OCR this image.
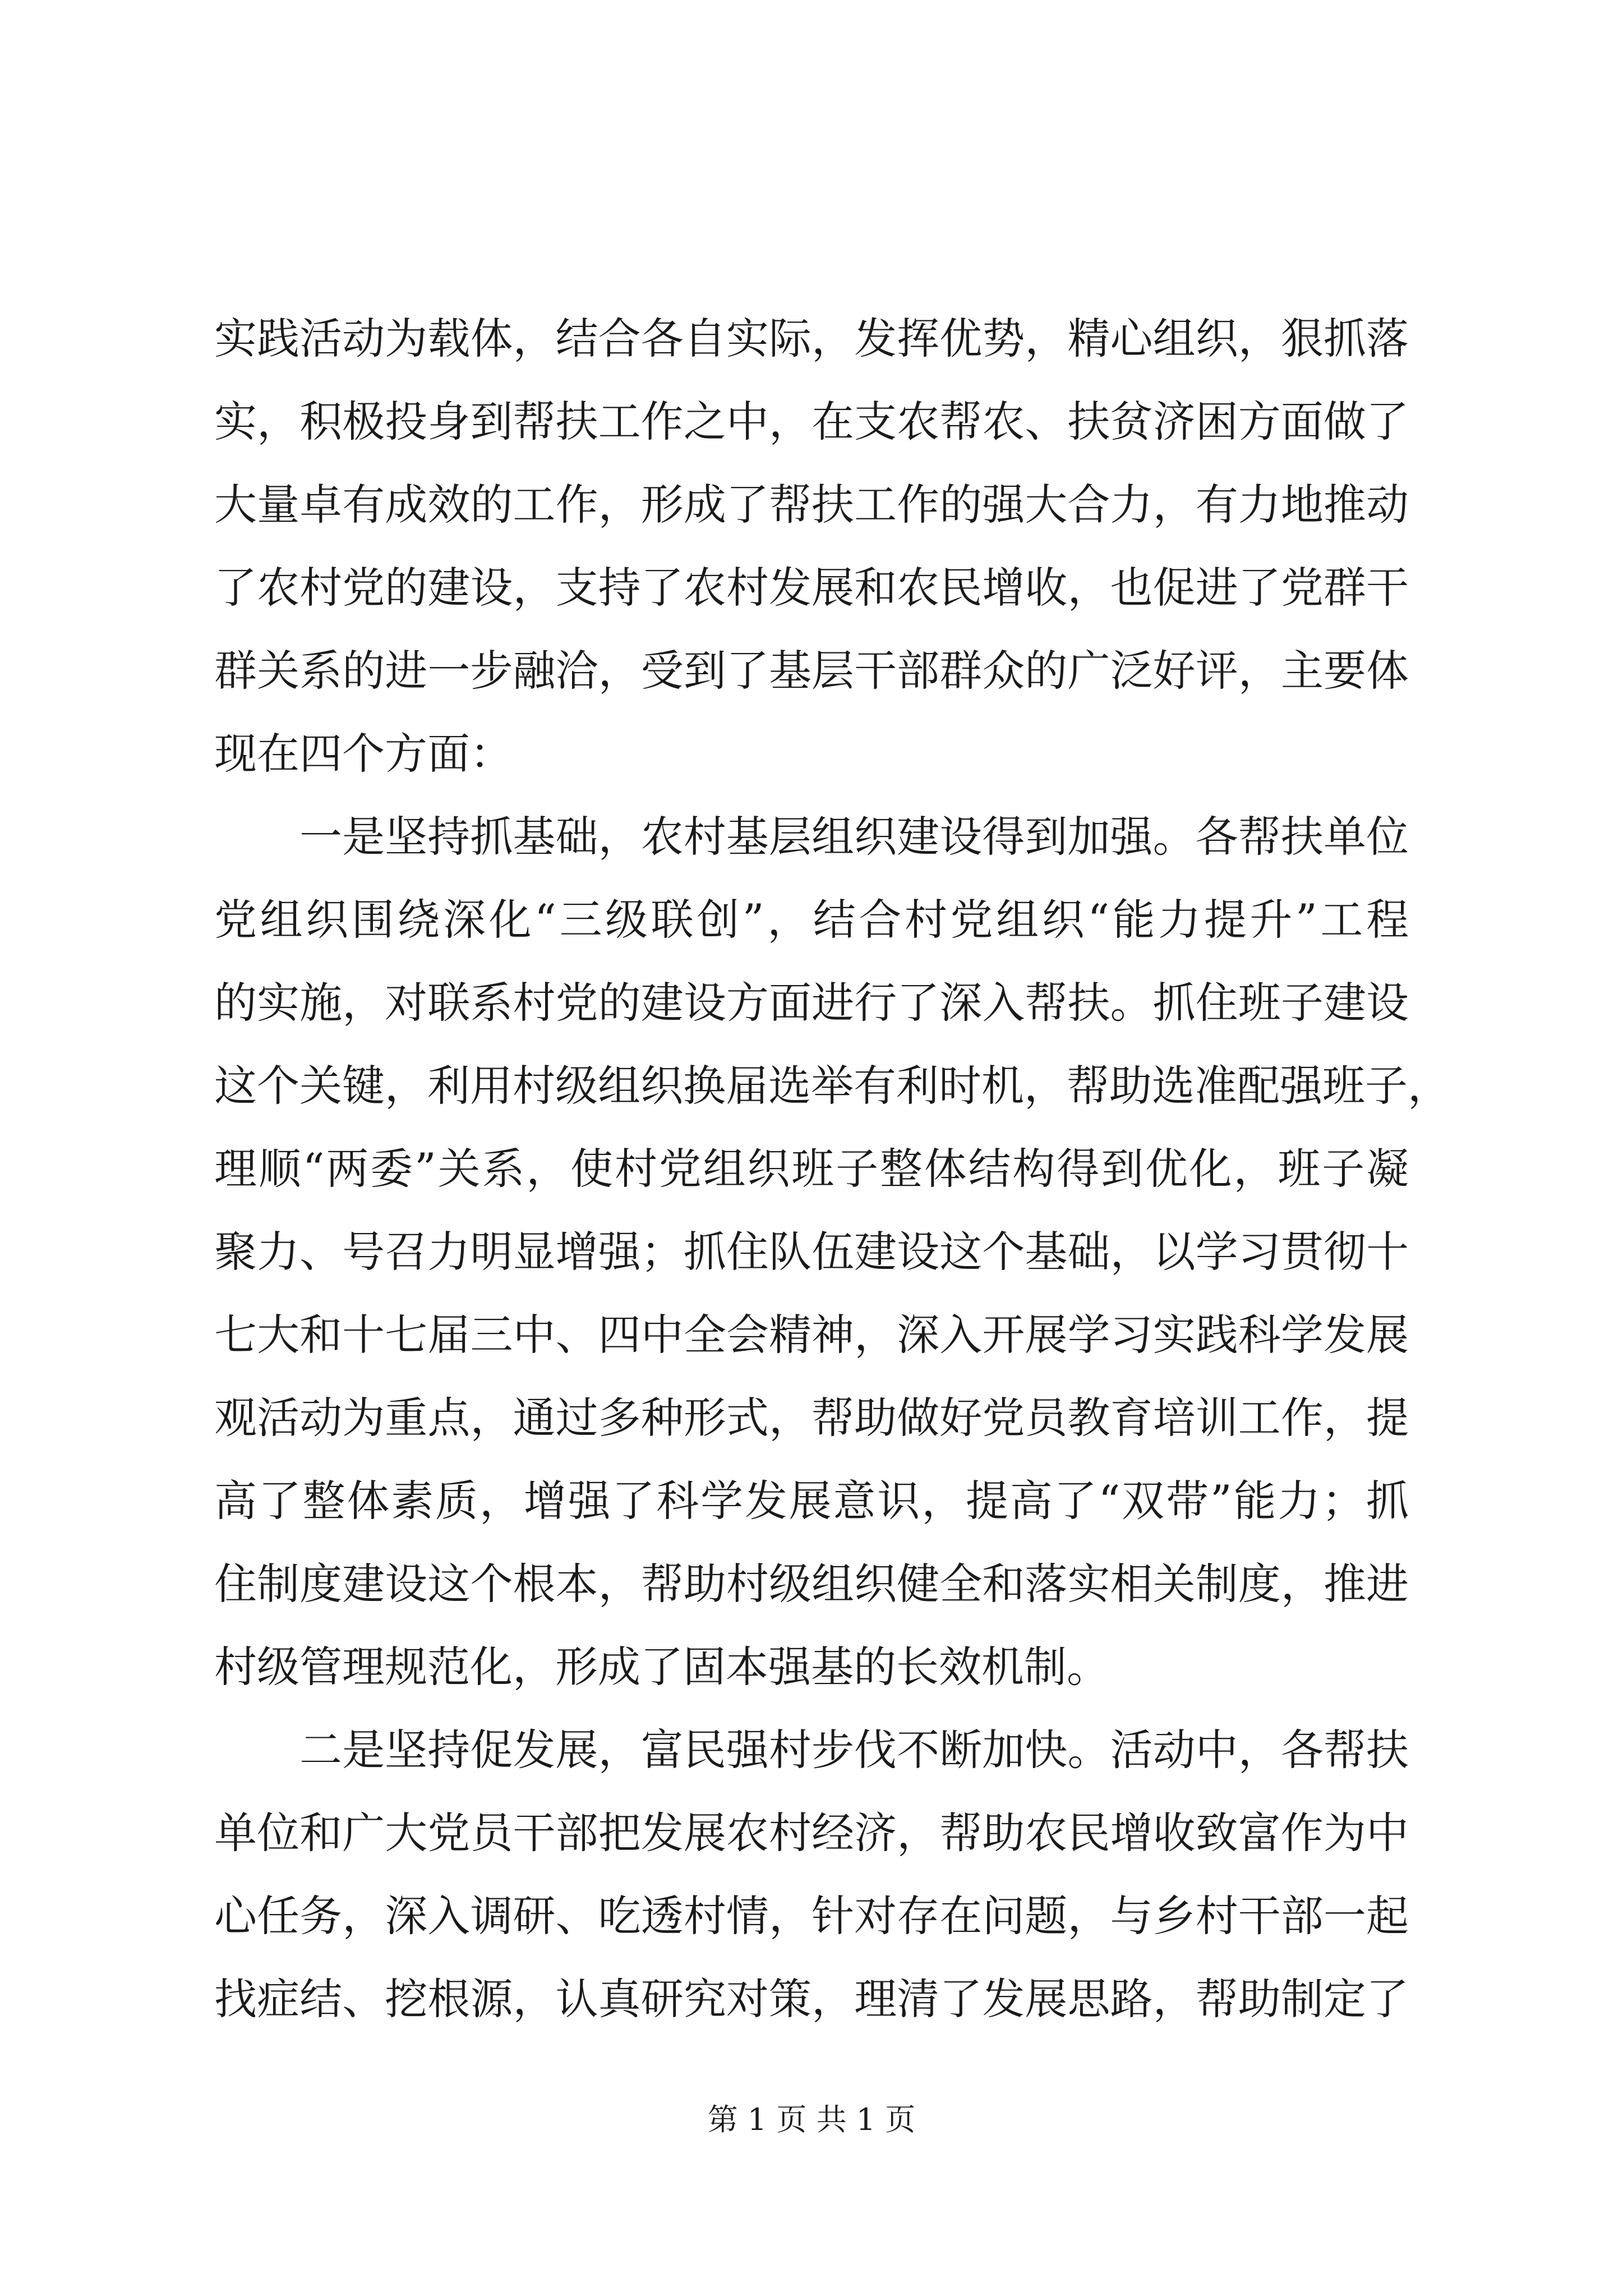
实践活动为载体，结合各自实际，发挥优势，精心组织，狠抓落
实，积极投身到帮扶工作之中，在支农帮农、扶贫济困方面做了
大量卓有成效的工作，形成了帮扶工作的强大合力，有力地推动
了农村党的建设，支持了农村发展和农民增收，也促进了党群干
群关系的进一步融洽，受到了基层干部群众的广泛好评，主要体
现在四个方面：
一是坚持抓基础，农村基层组织建设得到加强。各帮扶单位
党组织围绕深化“三级联创”，结合村党组织“能力提升”工程
的实施，对联系村党的建设方面进行了深入帮扶。抓住班子建设
这个关键，利用村级组织换届选举有利时机，帮助选准配强班子，
理顺“两委”关系，使村党组织班子整体结构得到优化，班子凝
聚力、号召力明显增强；抓住队伍建设这个基础，以学习贯彻十
七大和十七届三中、四中全会精神，深入开展学习实践科学发展
观活动为重点，通过多种形式，帮助做好党员教育培训工作，提
高了整体素质，增强了科学发展意识，提高了“双带”能力；抓
住制度建设这个根本，帮助村级组织健全和落实相关制度，推进
村级管理规范化，形成了固本强基的长效机制。
二是坚持促发展，富民强村步伐不断加快。活动中，各帮扶
单位和广大党员干部把发展农村经济，帮助农民增收致富作为中
心任务，深入调研、吃透村情，针对存在问题，与乡村干部一起
找症结、挖根源，认真研究对策，理清了发展思路，帮助制定了
第 1 页 共 1 页
